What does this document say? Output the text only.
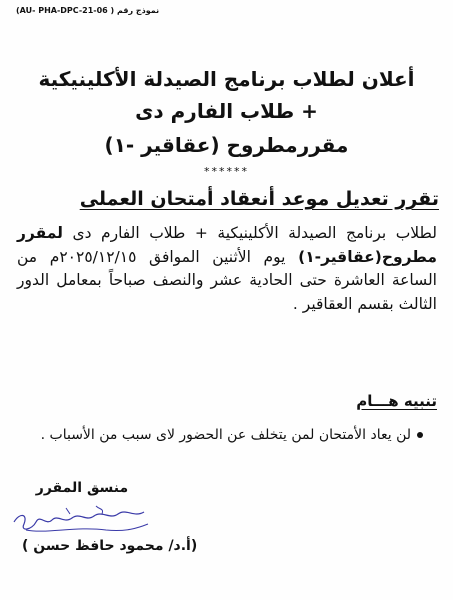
(AU- PHA-DPC-21-06 ) نموذج رقم
أعلان لطلاب برنامج الصيدلة الأكلينيكية
+ طلاب الفارم دى
مقررمطروح (عقاقير -١)
******
تقرر تعديل موعد أنعقاد أمتحان العملى
لطلاب برنامج الصيدلة الأكلينيكية + طلاب الفارم دى لمقرر مطروح(عقاقير-١) يوم الأثنين الموافق ٢٠٢٥/١٢/١٥م من الساعة العاشرة حتى الحادية عشر والنصف صباحاً بمعامل الدور الثالث بقسم العقاقير .
تنبيه هـــام
لن يعاد الأمتحان لمن يتخلف عن الحضور لاى سبب من الأسباب .
منسق المقرر
(أ.د/ محمود حافظ حسن )
